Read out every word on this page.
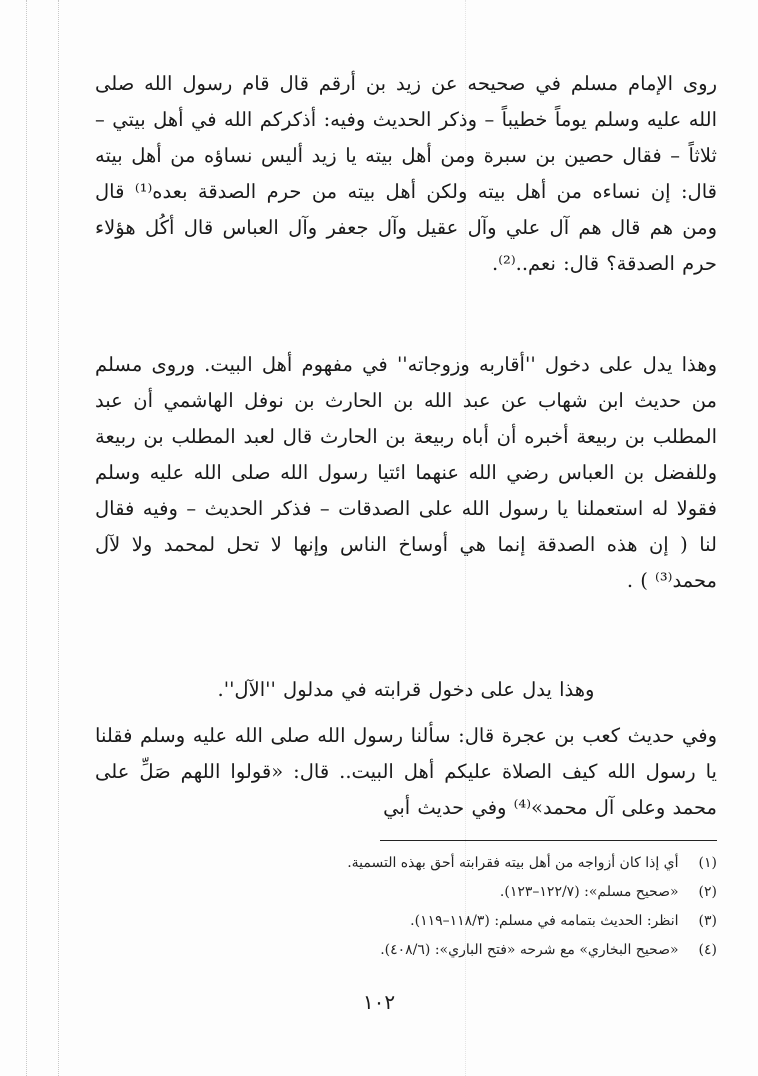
روى الإمام مسلم في صحيحه عن زيد بن أرقم قال قام رسول الله صلى الله عليه وسلم يوماً خطيباً – وذكر الحديث وفيه: أذكركم الله في أهل بيتي – ثلاثاً – فقال حصين بن سبرة ومن أهل بيته يا زيد أليس نساؤه من أهل بيته قال: إن نساءه من أهل بيته ولكن أهل بيته من حرم الصدقة بعده⁽¹⁾ قال ومن هم قال هم آل علي وآل عقيل وآل جعفر وآل العباس قال أكُل هؤلاء حرم الصدقة؟ قال: نعم..⁽²⁾.

وهذا يدل على دخول ''أقاربه وزوجاته'' في مفهوم أهل البيت. وروى مسلم من حديث ابن شهاب عن عبد الله بن الحارث بن نوفل الهاشمي أن عبد المطلب بن ربيعة أخبره أن أباه ربيعة بن الحارث قال لعبد المطلب بن ربيعة وللفضل بن العباس رضي الله عنهما ائتيا رسول الله صلى الله عليه وسلم فقولا له استعملنا يا رسول الله على الصدقات – فذكر الحديث – وفيه فقال لنا ( إن هذه الصدقة إنما هي أوساخ الناس وإنها لا تحل لمحمد ولا لآل محمد⁽³⁾ ) .

وهذا يدل على دخول قرابته في مدلول ''الآل''.

وفي حديث كعب بن عجرة قال: سألنا رسول الله صلى الله عليه وسلم فقلنا يا رسول الله كيف الصلاة عليكم أهل البيت.. قال: «قولوا اللهم صَلِّ على محمد وعلى آل محمد»⁽⁴⁾ وفي حديث أبي

(١) أي إذا كان أزواجه من أهل بيته فقرابته أحق بهذه التسمية.

(٢) «صحيح مسلم»: (١٢٢/٧–١٢٣).

(٣) انظر: الحديث بتمامه في مسلم: (١١٨/٣–١١٩).

(٤) «صحيح البخاري» مع شرحه «فتح الباري»: (٤٠٨/٦).

١٠٢
